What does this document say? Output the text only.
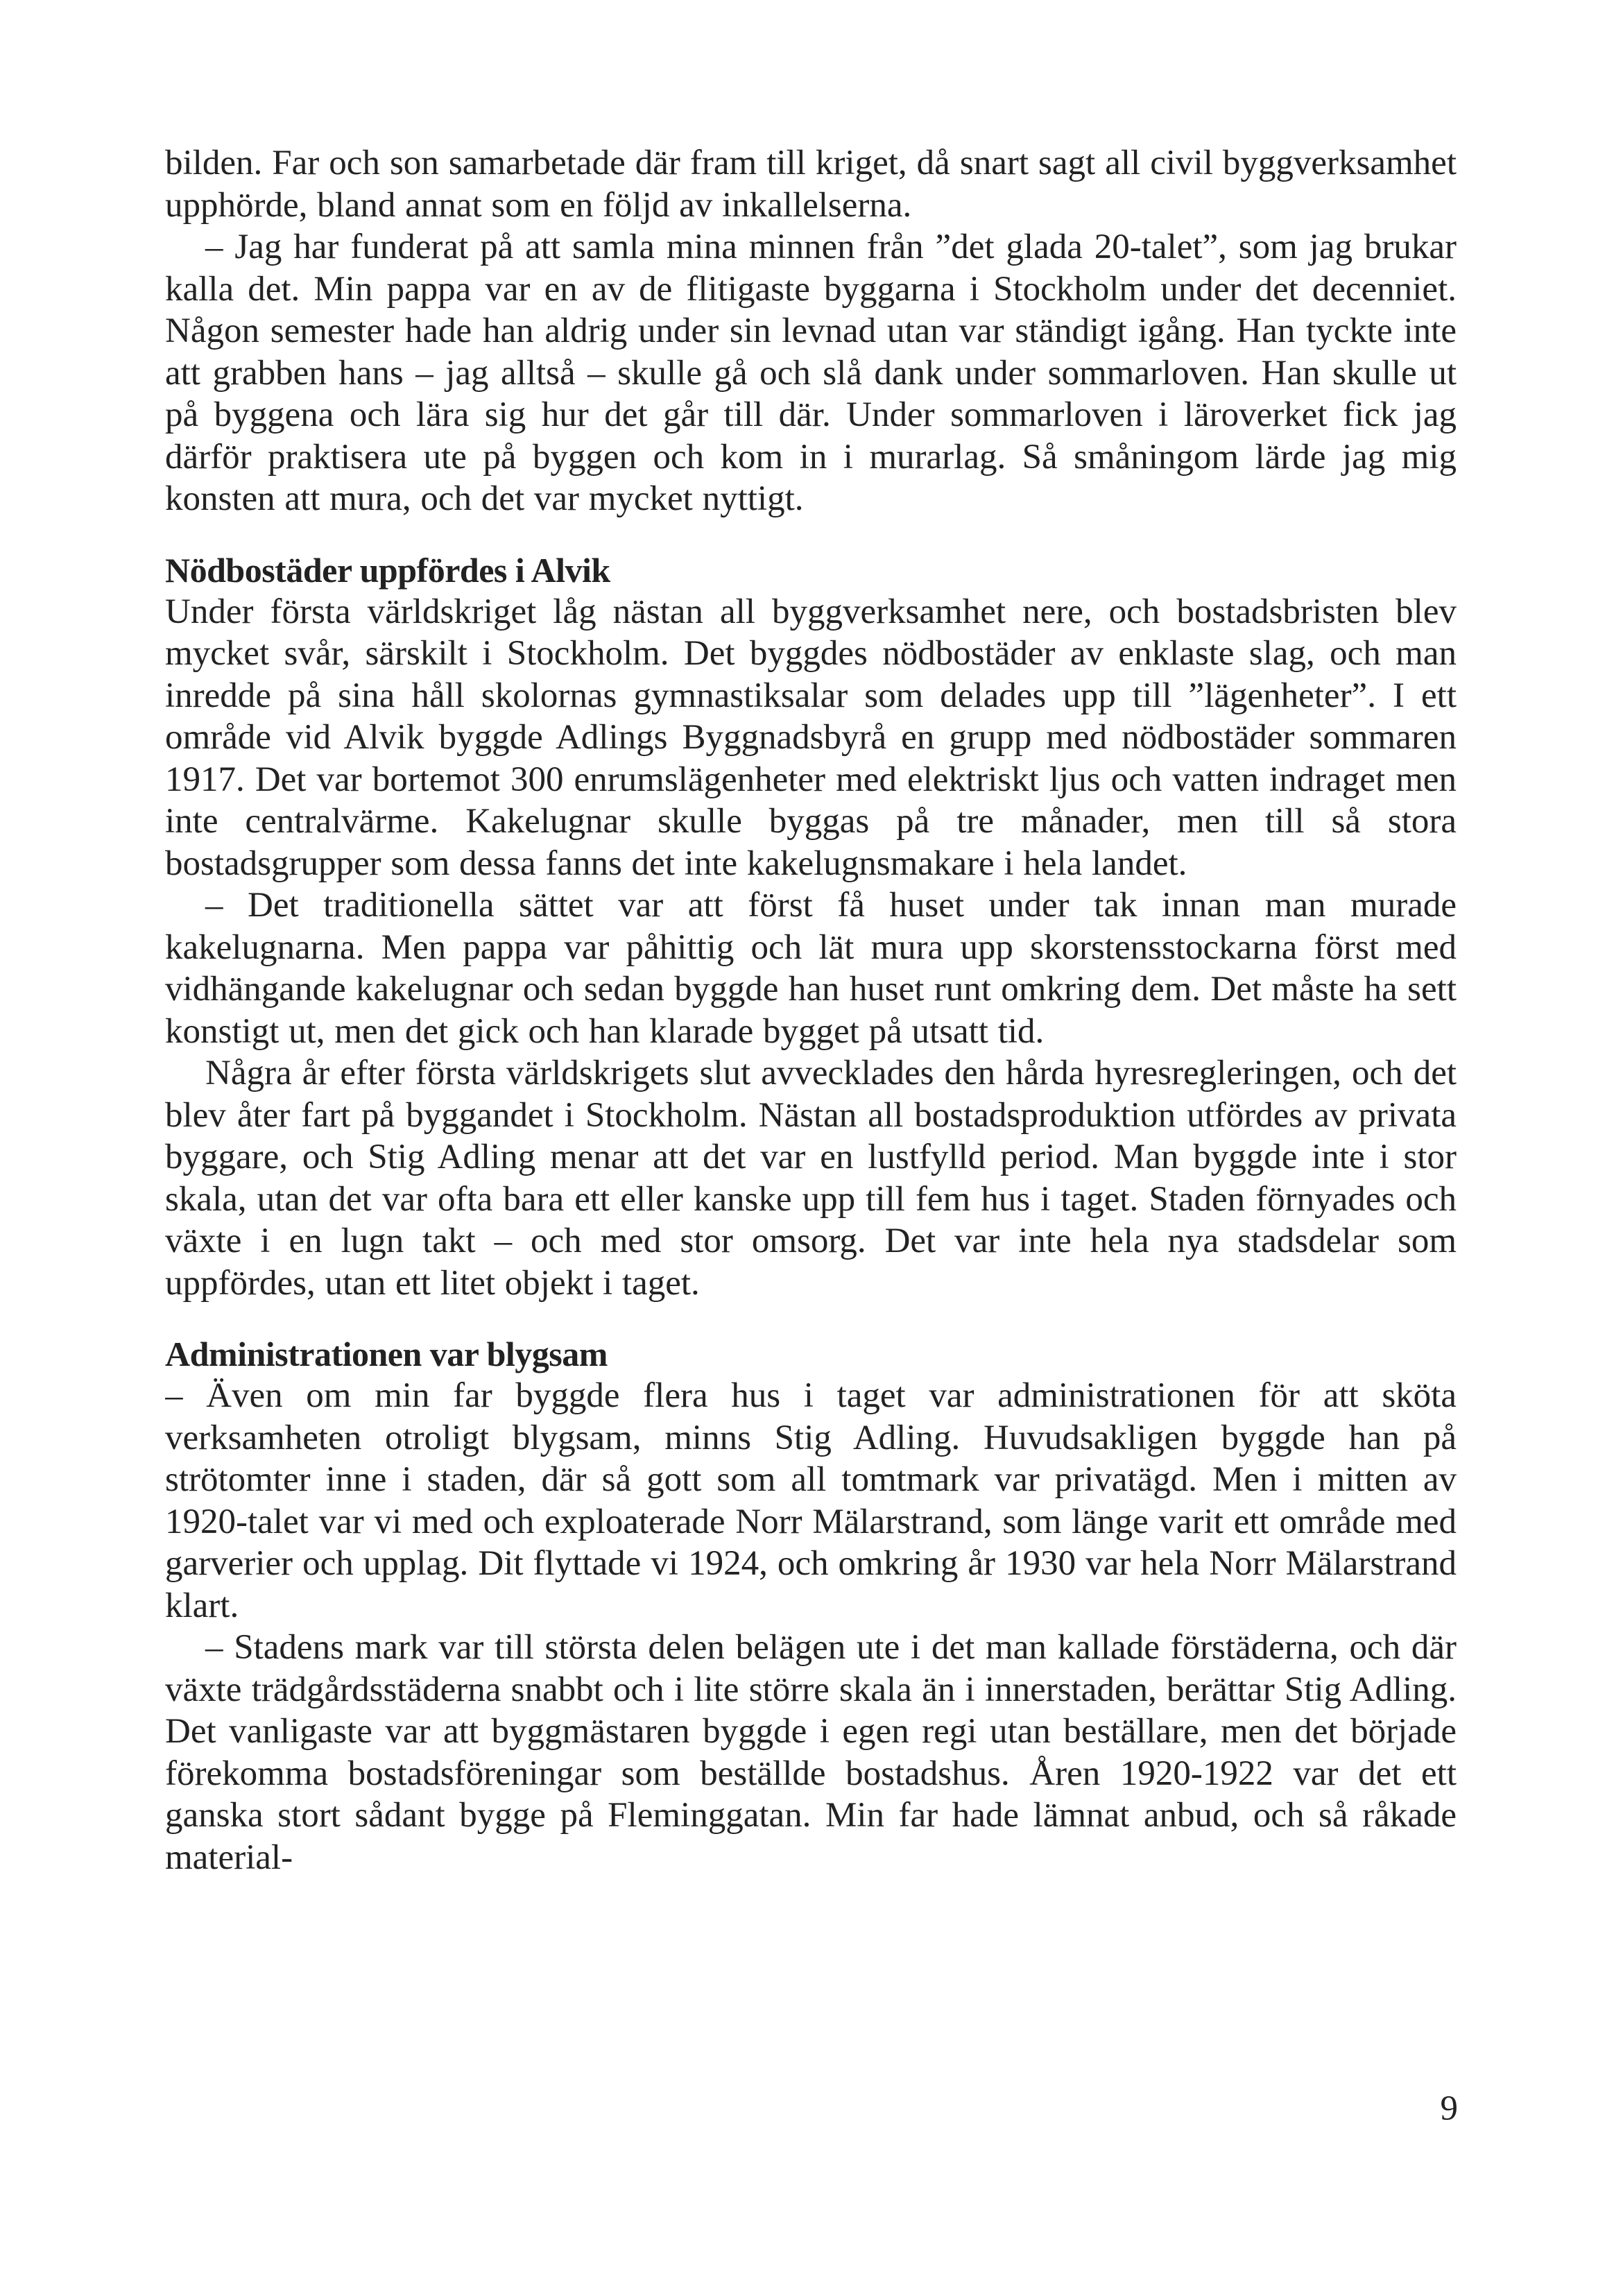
bilden. Far och son samarbetade där fram till kriget, då snart sagt all civil byggverksamhet upphörde, bland annat som en följd av inkallelserna.

– Jag har funderat på att samla mina minnen från ”det glada 20-talet”, som jag brukar kalla det. Min pappa var en av de flitigaste byggarna i Stockholm under det decenniet. Någon semester hade han aldrig under sin levnad utan var ständigt igång. Han tyckte inte att grabben hans – jag alltså – skulle gå och slå dank under sommarloven. Han skulle ut på byggena och lära sig hur det går till där. Under sommarloven i läroverket fick jag därför praktisera ute på byggen och kom in i murarlag. Så småningom lärde jag mig konsten att mura, och det var mycket nyttigt.

Nödbostäder uppfördes i Alvik

Under första världskriget låg nästan all byggverksamhet nere, och bostadsbristen blev mycket svår, särskilt i Stockholm. Det byggdes nödbostäder av enklaste slag, och man inredde på sina håll skolornas gymnastiksalar som delades upp till ”lägenheter”. I ett område vid Alvik byggde Adlings Byggnadsbyrå en grupp med nödbostäder sommaren 1917. Det var bortemot 300 enrumslägenheter med elektriskt ljus och vatten indraget men inte centralvärme. Kakelugnar skulle byggas på tre månader, men till så stora bostadsgrupper som dessa fanns det inte kakelugnsmakare i hela landet.

– Det traditionella sättet var att först få huset under tak innan man murade kakelugnarna. Men pappa var påhittig och lät mura upp skorstensstockarna först med vidhängande kakelugnar och sedan byggde han huset runt omkring dem. Det måste ha sett konstigt ut, men det gick och han klarade bygget på utsatt tid.

Några år efter första världskrigets slut avvecklades den hårda hyresregleringen, och det blev åter fart på byggandet i Stockholm. Nästan all bostadsproduktion utfördes av privata byggare, och Stig Adling menar att det var en lustfylld period. Man byggde inte i stor skala, utan det var ofta bara ett eller kanske upp till fem hus i taget. Staden förnyades och växte i en lugn takt – och med stor omsorg. Det var inte hela nya stadsdelar som uppfördes, utan ett litet objekt i taget.

Administrationen var blygsam

– Även om min far byggde flera hus i taget var administrationen för att sköta verksamheten otroligt blygsam, minns Stig Adling. Huvudsakligen byggde han på strötomter inne i staden, där så gott som all tomtmark var privatägd. Men i mitten av 1920-talet var vi med och exploaterade Norr Mälarstrand, som länge varit ett område med garverier och upplag. Dit flyttade vi 1924, och omkring år 1930 var hela Norr Mälarstrand klart.

– Stadens mark var till största delen belägen ute i det man kallade förstäderna, och där växte trädgårdsstäderna snabbt och i lite större skala än i innerstaden, berättar Stig Adling. Det vanligaste var att byggmästaren byggde i egen regi utan beställare, men det började förekomma bostadsföreningar som beställde bostadshus. Åren 1920-1922 var det ett ganska stort sådant bygge på Fleminggatan. Min far hade lämnat anbud, och så råkade material-

9
